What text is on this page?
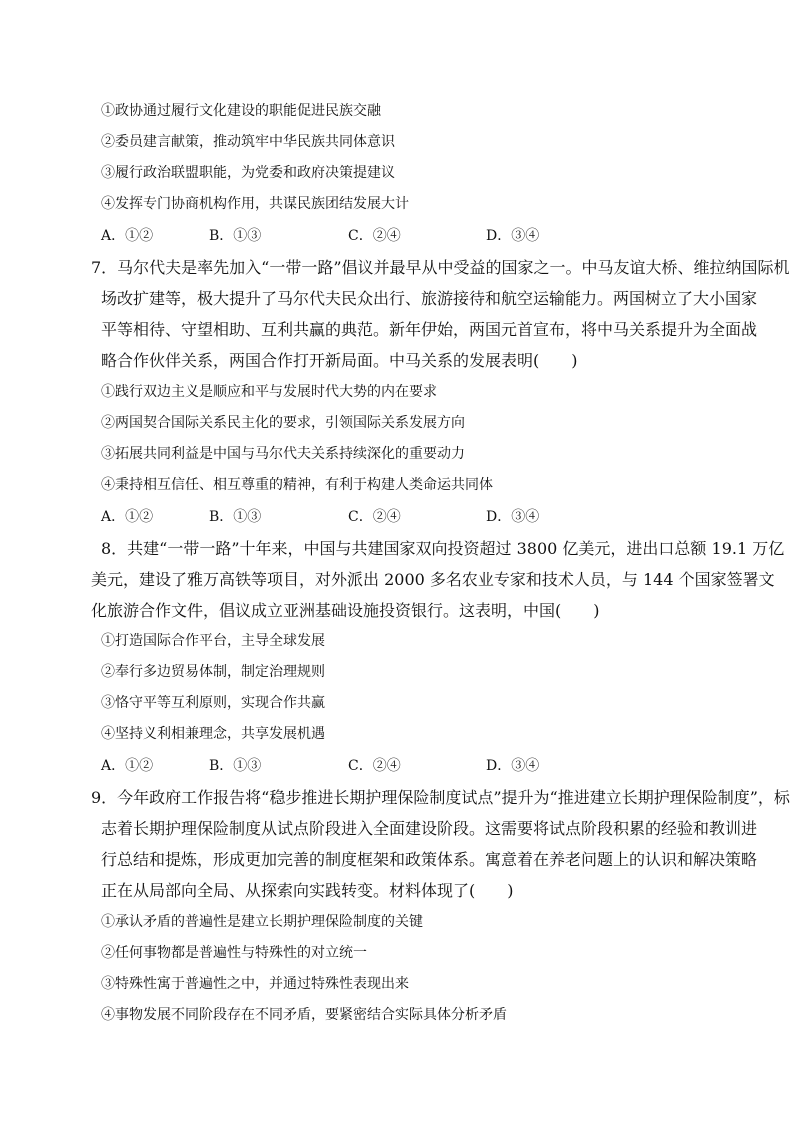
①政协通过履行文化建设的职能促进民族交融
②委员建言献策，推动筑牢中华民族共同体意识
③履行政治联盟职能，为党委和政府决策提建议
④发挥专门协商机构作用，共谋民族团结发展大计
A．①②	B．①③	C．②④	D．③④
7．马尔代夫是率先加入“一带一路”倡议并最早从中受益的国家之一。中马友谊大桥、维拉纳国际机
场改扩建等，极大提升了马尔代夫民众出行、旅游接待和航空运输能力。两国树立了大小国家
平等相待、守望相助、互利共赢的典范。新年伊始，两国元首宣布，将中马关系提升为全面战
略合作伙伴关系，两国合作打开新局面。中马关系的发展表明(　　)
①践行双边主义是顺应和平与发展时代大势的内在要求
②两国契合国际关系民主化的要求，引领国际关系发展方向
③拓展共同利益是中国与马尔代夫关系持续深化的重要动力
④秉持相互信任、相互尊重的精神，有利于构建人类命运共同体
A．①②	B．①③	C．②④	D．③④
8．共建“一带一路”十年来，中国与共建国家双向投资超过 3800 亿美元，进出口总额 19.1 万亿
美元，建设了雅万高铁等项目，对外派出 2000 多名农业专家和技术人员，与 144 个国家签署文
化旅游合作文件，倡议成立亚洲基础设施投资银行。这表明，中国(　　)
①打造国际合作平台，主导全球发展
②奉行多边贸易体制，制定治理规则
③恪守平等互利原则，实现合作共赢
④坚持义利相兼理念，共享发展机遇
A．①②	B．①③	C．②④	D．③④
9．今年政府工作报告将“稳步推进长期护理保险制度试点”提升为“推进建立长期护理保险制度”，标
志着长期护理保险制度从试点阶段进入全面建设阶段。这需要将试点阶段积累的经验和教训进
行总结和提炼，形成更加完善的制度框架和政策体系。寓意着在养老问题上的认识和解决策略
正在从局部向全局、从探索向实践转变。材料体现了(　　)
①承认矛盾的普遍性是建立长期护理保险制度的关键
②任何事物都是普遍性与特殊性的对立统一
③特殊性寓于普遍性之中，并通过特殊性表现出来
④事物发展不同阶段存在不同矛盾，要紧密结合实际具体分析矛盾
